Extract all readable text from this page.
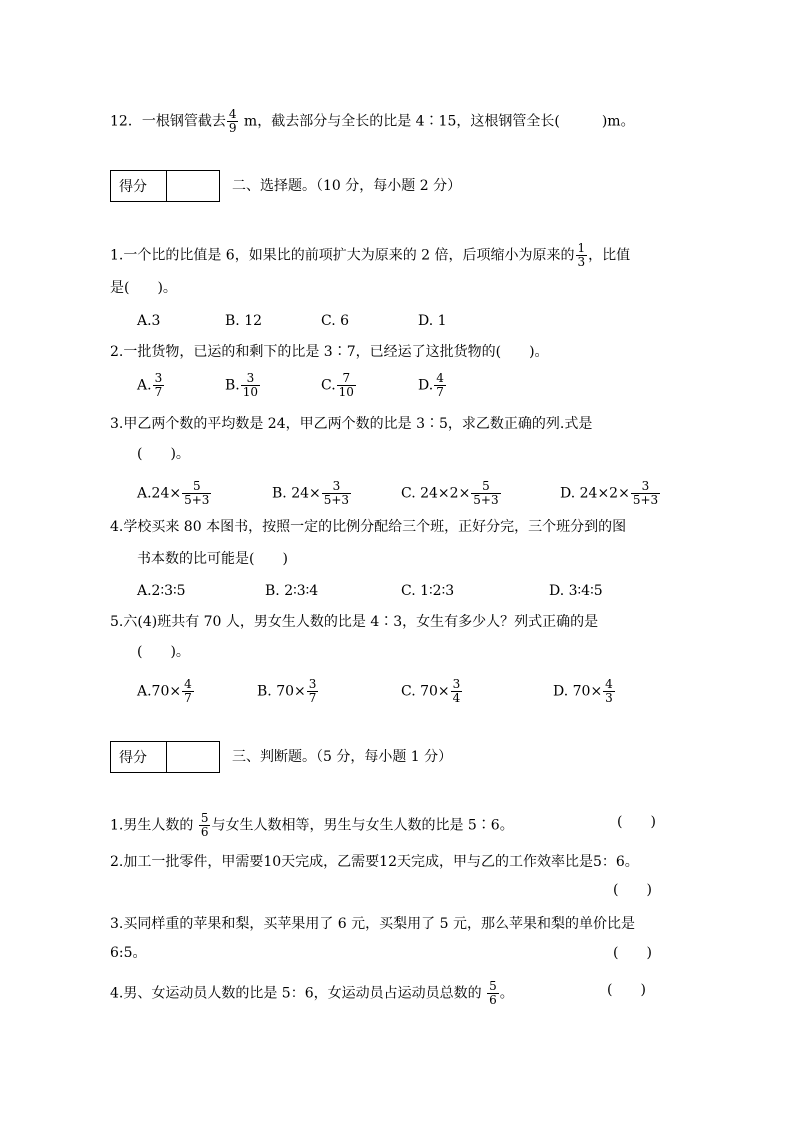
12．一根钢管截去 $\frac{4}{9}$ m，截去部分与全长的比是 4∶15，这根钢管全长(　　　)m。
得分	二、选择题。（10 分，每小题 2 分）
1.一个比的比值是 6，如果比的前项扩大为原来的 2 倍，后项缩小为原来的 $\frac{1}{3}$ ，比值
是(　　)。
A.3	B. 12	C. 6	D. 1
2.一批货物，已运的和剩下的比是 3∶7，已经运了这批货物的(　　)。
A. $\frac{3}{7}$	B. $\frac{3}{10}$	C. $\frac{7}{10}$	D. $\frac{4}{7}$
3.甲乙两个数的平均数是 24，甲乙两个数的比是 3∶5，求乙数正确的列.式是
(　　)。
$A.24\times \frac{5}{5+3}$	B. $24\times \frac{3}{5+3}$	C. $24\times 2\times \frac{5}{5+3}$	D. $24\times 2\times \frac{3}{5+3}$
4.学校买来 80 本图书，按照一定的比例分配给三个班，正好分完，三个班分到的图
书本数的比可能是(　　)
A.2∶3∶5	B. 2∶3∶4	C. 1∶2∶3	D. 3∶4∶5
5.六(4)班共有 70 人，男女生人数的比是 4∶3，女生有多少人？列式正确的是
(　　)。
$A.70\times \frac{4}{7}$	B. $70\times \frac{3}{7}$	C. $70\times \frac{3}{4}$	D. $70\times \frac{4}{3}$
得分	三、判断题。（5 分，每小题 1 分）
1.男生人数的 $\frac{5}{6}$ 与女生人数相等，男生与女生人数的比是 5∶6。	(　　)
2.加工一批零件，甲需要10天完成，乙需要12天完成，甲与乙的工作效率比是5：6。
(　　)
3.买同样重的苹果和梨，买苹果用了 6 元，买梨用了 5 元，那么苹果和梨的单价比是
6:5。	(　　)
4.男、女运动员人数的比是 5：6，女运动员占运动员总数的 $\frac{5}{6}$ 。	(　　)
